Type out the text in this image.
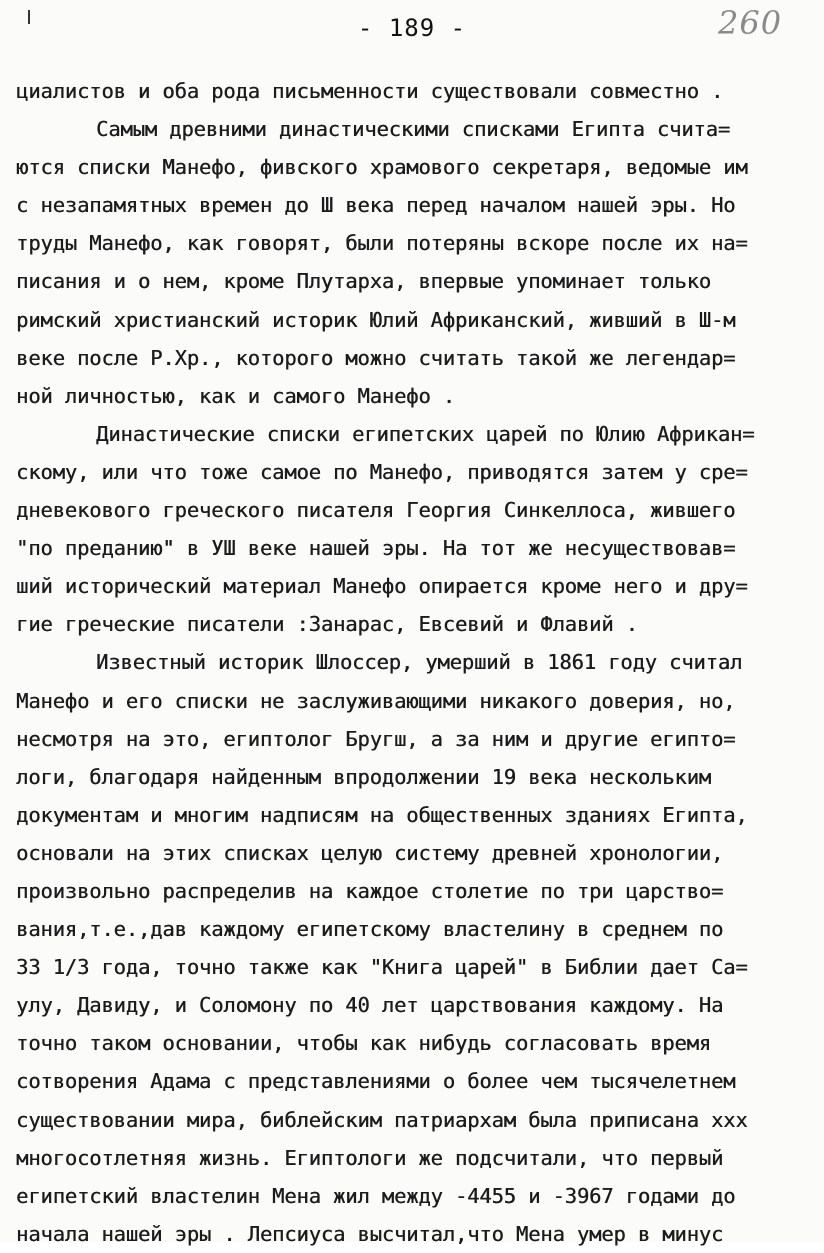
- 189 -	260
циалистов и оба рода письменности существовали совместно .
Самым древними династическими списками Египта счита=
ются списки Манефо, фивского храмового секретаря, ведомые им
с незапамятных времен до Ш века перед началом нашей эры. Но
труды Манефо, как говорят, были потеряны вскоре после их на=
писания и о нем, кроме Плутарха, впервые упоминает только
римский христианский историк Юлий Африканский, живший в Ш-м
веке после Р.Хр., которого можно считать такой же легендар=
ной личностью, как и самого Манефо .
Династические списки египетских царей по Юлию Африкан=
скому, или что тоже самое по Манефо, приводятся затем у сре=
дневекового греческого писателя Георгия Синкеллоса, жившего
"по преданию" в УШ веке нашей эры. На тот же несуществовав=
ший исторический материал Манефо опирается кроме него и дру=
гие греческие писатели :Занарас, Евсевий и Флавий .
Известный историк Шлоссер, умерший в 1861 году считал
Манефо и его списки не заслуживающими никакого доверия, но,
несмотря на это, египтолог Бругш, а за ним и другие египто=
логи, благодаря найденным впродолжении 19 века нескольким
документам и многим надписям на общественных зданиях Египта,
основали на этих списках целую систему древней хронологии,
произвольно распределив на каждое столетие по три царство=
вания,т.е.,дав каждому египетскому властелину в среднем по
33 1/3 года, точно также как "Книга царей" в Библии дает Са=
улу, Давиду, и Соломону по 40 лет царствования каждому. На
точно таком основании, чтобы как нибудь согласовать время
сотворения Адама с представлениями о более чем тысячелетнем
существовании мира, библейским патриархам была приписана ххх
многосотлетняя жизнь. Египтологи же подсчитали, что первый
египетский властелин Мена жил между -4455 и -3967 годами до
начала нашей эры . Лепсиуса высчитал,что Мена умер в минус
